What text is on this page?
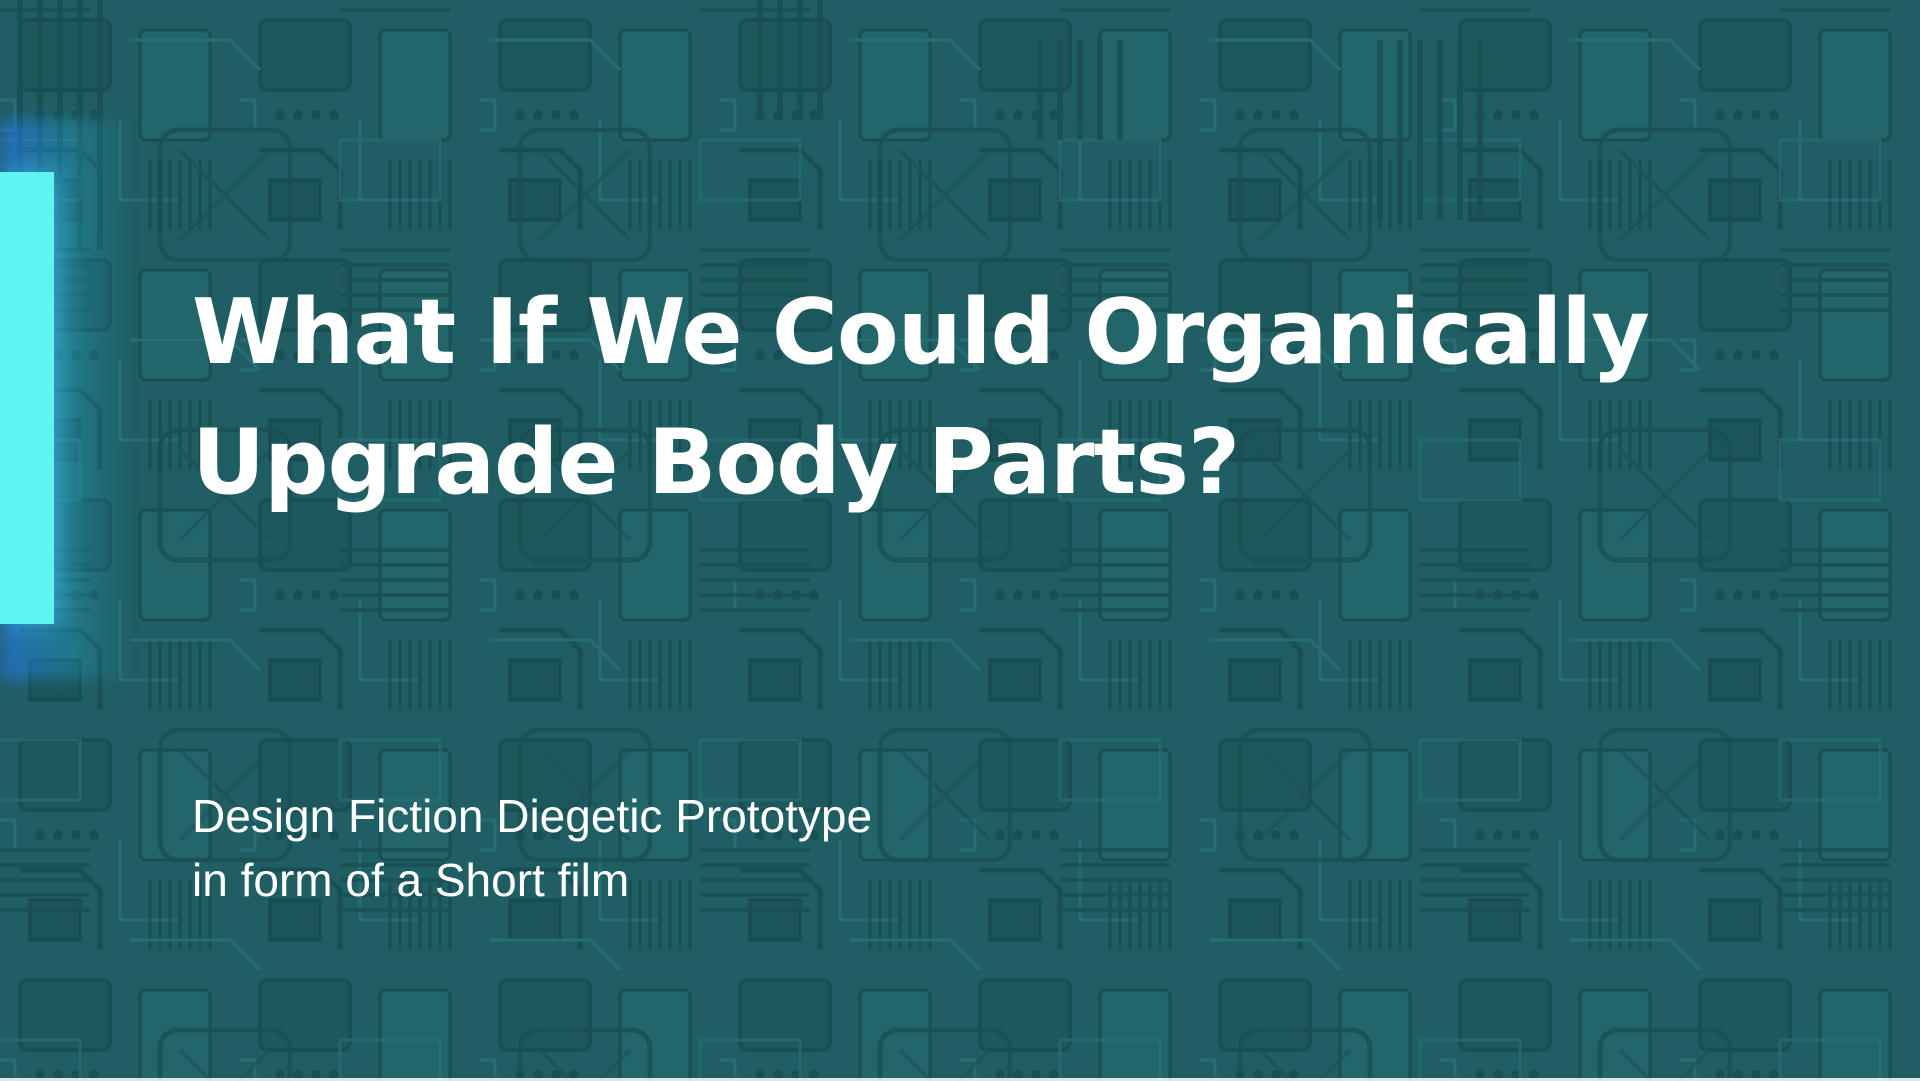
What If We Could Organically
Upgrade Body Parts?

Design Fiction Diegetic Prototype
in form of a Short film
